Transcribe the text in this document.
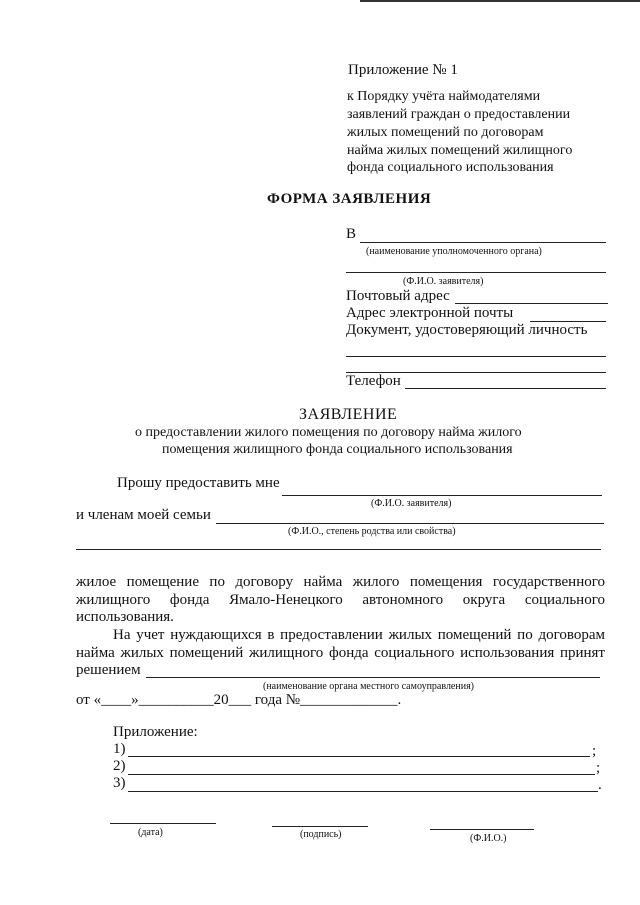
Приложение № 1
к Порядку учёта наймодателями
заявлений граждан о предоставлении
жилых помещений по договорам
найма жилых помещений жилищного
фонда социального использования
ФОРМА ЗАЯВЛЕНИЯ
В
(наименование уполномоченного органа)
(Ф.И.О. заявителя)
Почтовый адрес
Адрес электронной почты
Документ, удостоверяющий личность
Телефон
ЗАЯВЛЕНИЕ
о предоставлении жилого помещения по договору найма жилого
помещения жилищного фонда социального использования
Прошу предоставить мне
(Ф.И.О. заявителя)
и членам моей семьи
(Ф.И.О., степень родства или свойства)
жилое помещение по договору найма жилого помещения государственного
жилищного фонда Ямало-Ненецкого автономного округа социального
использования.
На учет нуждающихся в предоставлении жилых помещений по договорам
найма жилых помещений жилищного фонда социального использования принят
решением
(наименование органа местного самоуправления)
от «____»__________20___ года №_____________.
Приложение:
1)	;
2)	;
3)	.
(дата)	(подпись)	(Ф.И.О.)
